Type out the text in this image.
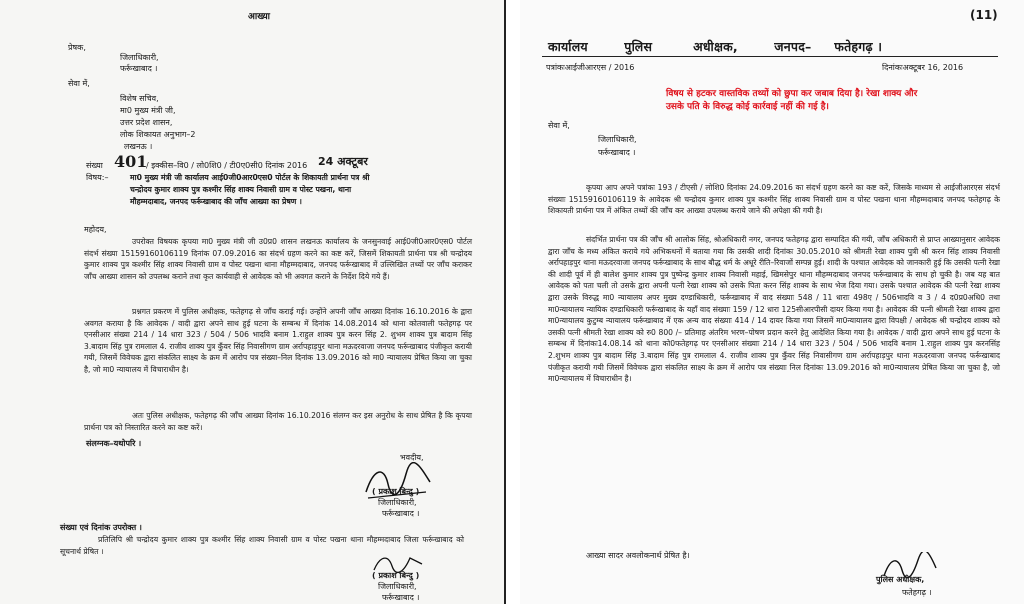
आख्या
प्रेषक,
जिलाधिकारी,
फर्रूखाबाद ।
सेवा में,
विशेष सचिव,
मा0 मुख्य मंत्री जी,
उत्तर प्रदेश शासन,
लोक शिकायत अनुभाग–2
लखनऊ ।
संख्या 401
/ इक्कीस–वि0 / लो0शि0 / टी0ए0सी0 दिनांक 2016 24 अक्टूबर
विषय:–	मा0 मुख्य मंत्री जी कार्यालय आई0जी0आर0एस0 पोर्टल के शिकायती प्रार्थना पत्र श्री
चन्द्रोदय कुमार शाक्य पुत्र कश्मीर सिंह शाक्य निवासी ग्राम व पोस्ट पखना, थाना
मौहम्मदाबाद, जनपद फर्रूखाबाद की जाँच आख्या का प्रेषण ।
महोदय,
उपरोक्त विषयक कृपया मा0 मुख्य मंत्री जी उ0प्र0 शासन लखनऊ कार्यालय के जनसुनवाई आई0जी0आर0एस0 पोर्टल संदर्भ संख्या 15159160106119 दिनांक 07.09.2016 का संदर्भ ग्रहण करने का कष्ट करें, जिसमें शिकायती प्रार्थना पत्र श्री चन्द्रोदय कुमार शाक्य पुत्र कश्मीर सिंह शाक्य निवासी ग्राम व पोस्ट पखना थाना मौहम्मदाबाद, जनपद फर्रूखाबाद में उल्लिखित तथ्यों पर जाँच कराकर जाँच आख्या शासन को उपलब्ध कराने तथा कृत कार्यवाही से आवेदक को भी अवगत कराने के निर्देश दिये गये हैं।
प्रश्नगत प्रकरण में पुलिस अधीक्षक, फतेहगढ़ से जाँच कराई गई। उन्होंने अपनी जाँच आख्या दिनांक 16.10.2016 के द्वारा अवगत कराया है कि आवेदक / वादी द्वारा अपने साथ हुई घटना के सम्बन्ध में दिनांक 14.08.2014 को थाना कोतवाली फतेहगढ़ पर एनसीआर संख्या 214 / 14 धारा 323 / 504 / 506 भादवि बनाम 1.राहुल शाक्य पुत्र करन सिंह 2. शुभम शाक्य पुत्र बादाम सिंह 3.बादाम सिंह पुत्र रामलाल 4. राजीव शाक्य पुत्र कुँवर सिंह निवासीगण ग्राम अर्रापहाड़पुर थाना मऊदरवाजा जनपद फर्रूखाबाद पंजीकृत करायी गयी, जिसमें विवेचक द्वारा संकलित साक्ष्य के क्रम में आरोप पत्र संख्या–निल दिनांक 13.09.2016 को मा0 न्यायालय प्रेषित किया जा चुका है, जो मा0 न्यायालय में विचाराधीन है।
अतः पुलिस अधीक्षक, फतेहगढ़ की जाँच आख्या दिनांक 16.10.2016 संलग्न कर इस अनुरोध के साथ प्रेषित है कि कृपया प्रार्थना पत्र को निस्तारित करने का कष्ट करें।
संलग्नक–यथोपरि ।
भवदीय,
( प्रकाश बिन्दु )
जिलाधिकारी,
फर्रूखाबाद ।
संख्या एवं दिनांक उपरोक्त ।
प्रतिलिपि श्री चन्द्रोदय कुमार शाक्य पुत्र कश्मीर सिंह शाक्य निवासी ग्राम व पोस्ट पखना थाना मौहम्मदाबाद जिला फर्रूखाबाद को सूचनार्थ प्रेषित ।
( प्रकाश बिन्दु )
जिलाधिकारी,
फर्रूखाबाद ।
(11)
कार्यालय        पुलिस         अधीक्षक,        जनपद–     फतेहगढ़ ।
पत्रांकःआईजीआरएस / 2016	दिनांकःअक्टूबर 16, 2016
विषय से हटकर वास्तविक तथ्यों को छुपा कर जबाब दिया है। रेखा शाक्य और उसके पति के विरुद्ध कोई कार्रवाई नहीं की गई है।
सेवा में,
जिलाधिकारी,
फर्रूखाबाद ।
कृपया आप अपने पत्रांकः 193 / टीएसी / लोशि0 दिनांकः 24.09.2016 का संदर्भ ग्रहण करने का कष्ट करें, जिसके माध्यम से आईजीआरएस संदर्भ संख्याः 15159160106119 के आवेदक श्री चन्द्रोदय कुमार शाक्य पुत्र कश्मीर सिंह शाक्य निवासी ग्राम व पोस्ट पखना थाना मौहम्मदाबाद जनपद फतेहगढ़ के शिकायती प्रार्थना पत्र में अंकित तथ्यों की जाँच कर आख्या उपलब्ध कराये जाने की अपेक्षा की गयी है।
संदर्भित प्रार्थना पत्र की जाँच श्री आलोक सिंह, श्रोअधिकारी नगर, जनपद फतेहगढ़ द्वारा सम्पादित की गयी, जाँच अधिकारी से प्राप्त आख्यानुसार आवेदक द्वारा जाँच के मध्य अंकित कराये गये अभिकथनों में बताया गया कि उसकी शादी दिनांकः 30.05.2010 को श्रीमती रेखा शाक्य पुत्री श्री करन सिंह शाक्य निवासी अर्रापहाड़पुर थाना मऊदरवाजा जनपद फर्रूखाबाद के साथ बौद्ध धर्म के अधूरे रीति–रिवाजों सम्पन्न हुई। शादी के पश्चात आवेदक को जानकारी हुई कि उसकी पत्नी रेखा की शादी पूर्व में ही बालेश कुमार शाक्य पुत्र पुष्पेन्द्र कुमार शाक्य निवासी महाई, खिमसेपुर थाना मौहम्मदाबाद जनपद फर्रूखाबाद के साथ हो चुकी है। जब यह बात आवेदक को पता चली तो उसके द्वारा अपनी पत्नी रेखा शाक्य को उसके पिता करन सिंह शाक्य के साथ भेज दिया गया। उसके पश्चात आवेदक की पत्नी रेखा शाक्य द्वारा उसके विरुद्ध मा0 न्यायालय अपर मुख्य दण्डाधिकारी, फर्रूखाबाद में वाद संख्याः 548 / 11 धाराः 498ए / 506भादवि व 3 / 4 द0प्र0अधि0 तथा मा0न्यायालय न्यायिक दण्डाधिकारी फर्रूखाबाद के यहाँ वाद संख्याः 159 / 12 धारा 125सीआरपीसी दायर किया गया है। आवेदक की पत्नी श्रीमती रेखा शाक्य द्वारा मा0न्यायालय कुटुम्ब न्यायालय फर्रूखाबाद में एक अन्य वाद संख्याः 414 / 14 दायर किया गया जिसमें मा0न्यायालय द्वारा विपक्षी / आवेदक श्री चन्द्रोदय शाक्य को उसकी पत्नी श्रीमती रेखा शाक्य को रु0 800 /– प्रतिमाह अंतरिम भरण–पोषण प्रदान करने हेतु आदेशित किया गया है। आवेदक / वादी द्वारा अपने साथ हुई घटना के सम्बन्ध में दिनांकः14.08.14 को थाना को0फतेहगढ़ पर एनसीआर संख्याः 214 / 14 धारा 323 / 504 / 506 भादवि बनाम 1.राहुल शाक्य पुत्र करनसिंह 2.शुभम शाक्य पुत्र बादाम सिंह 3.बादाम सिंह पुत्र रामलाल 4. राजीव शाक्य पुत्र कुँवर सिंह निवासीगण ग्राम अर्रापहाड़पुर थाना मऊदरवाजा जनपद फर्रूखाबाद पंजीकृत करायी गयी जिसमें विवेचक द्वारा संकलित साक्ष्य के क्रम में आरोप पत्र संख्याः निल दिनांकः 13.09.2016 को मा0न्यायालय प्रेषित किया जा चुका है, जो मा0न्यायालय में विचाराधीन है।
आख्या सादर अवलोकनार्थ प्रेषित है।
पुलिस अधीक्षक,
फतेहगढ़ ।
